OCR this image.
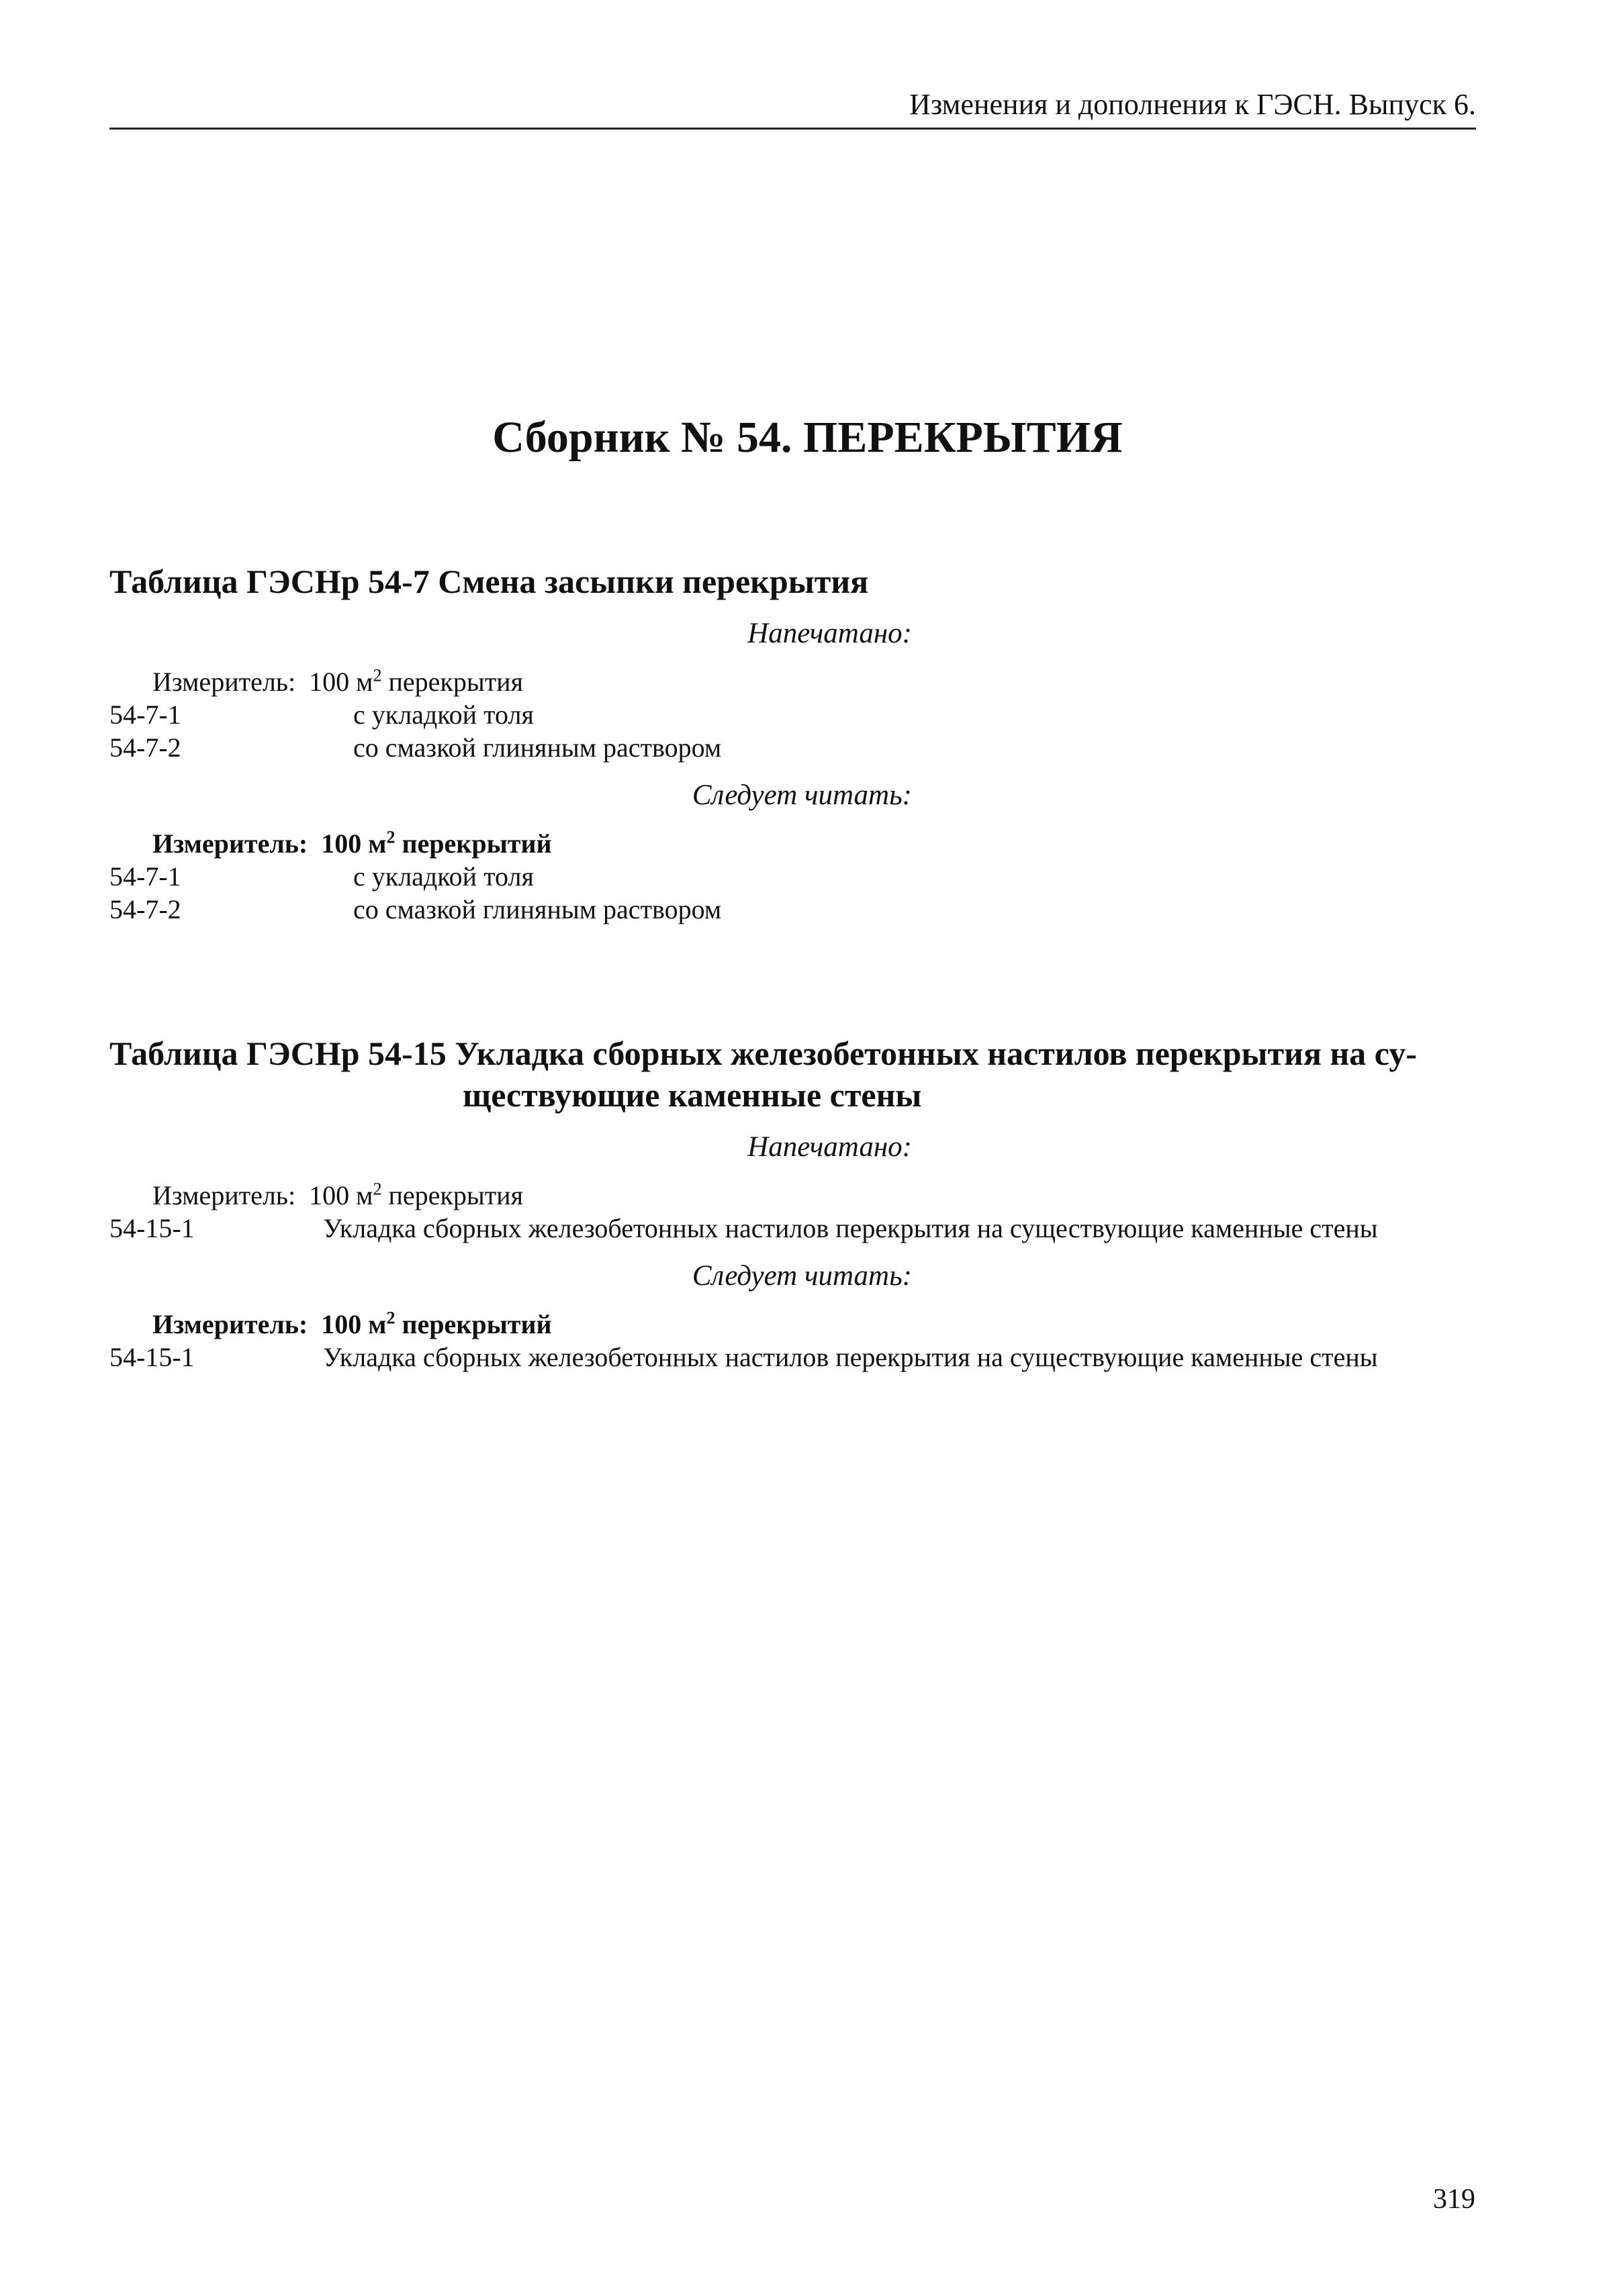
Изменения и дополнения к ГЭСН. Выпуск 6.
Сборник № 54. ПЕРЕКРЫТИЯ
Таблица ГЭСНр 54-7 Смена засыпки перекрытия
Напечатано:
Измеритель: 100 $м^2$ перекрытия
54-7-1	с укладкой толя
54-7-2	со смазкой глиняным раствором
Следует читать:
Измеритель: 100 $м^2$ перекрытий
54-7-1	с укладкой толя
54-7-2	со смазкой глиняным раствором
Таблица ГЭСНр 54-15 Укладка сборных железобетонных настилов перекрытия на су-
ществующие каменные стены
Напечатано:
Измеритель: 100 $м^2$ перекрытия
54-15-1	Укладка сборных железобетонных настилов перекрытия на существующие каменные стены
Следует читать:
Измеритель: 100 $м^2$ перекрытий
54-15-1	Укладка сборных железобетонных настилов перекрытия на существующие каменные стены
319
